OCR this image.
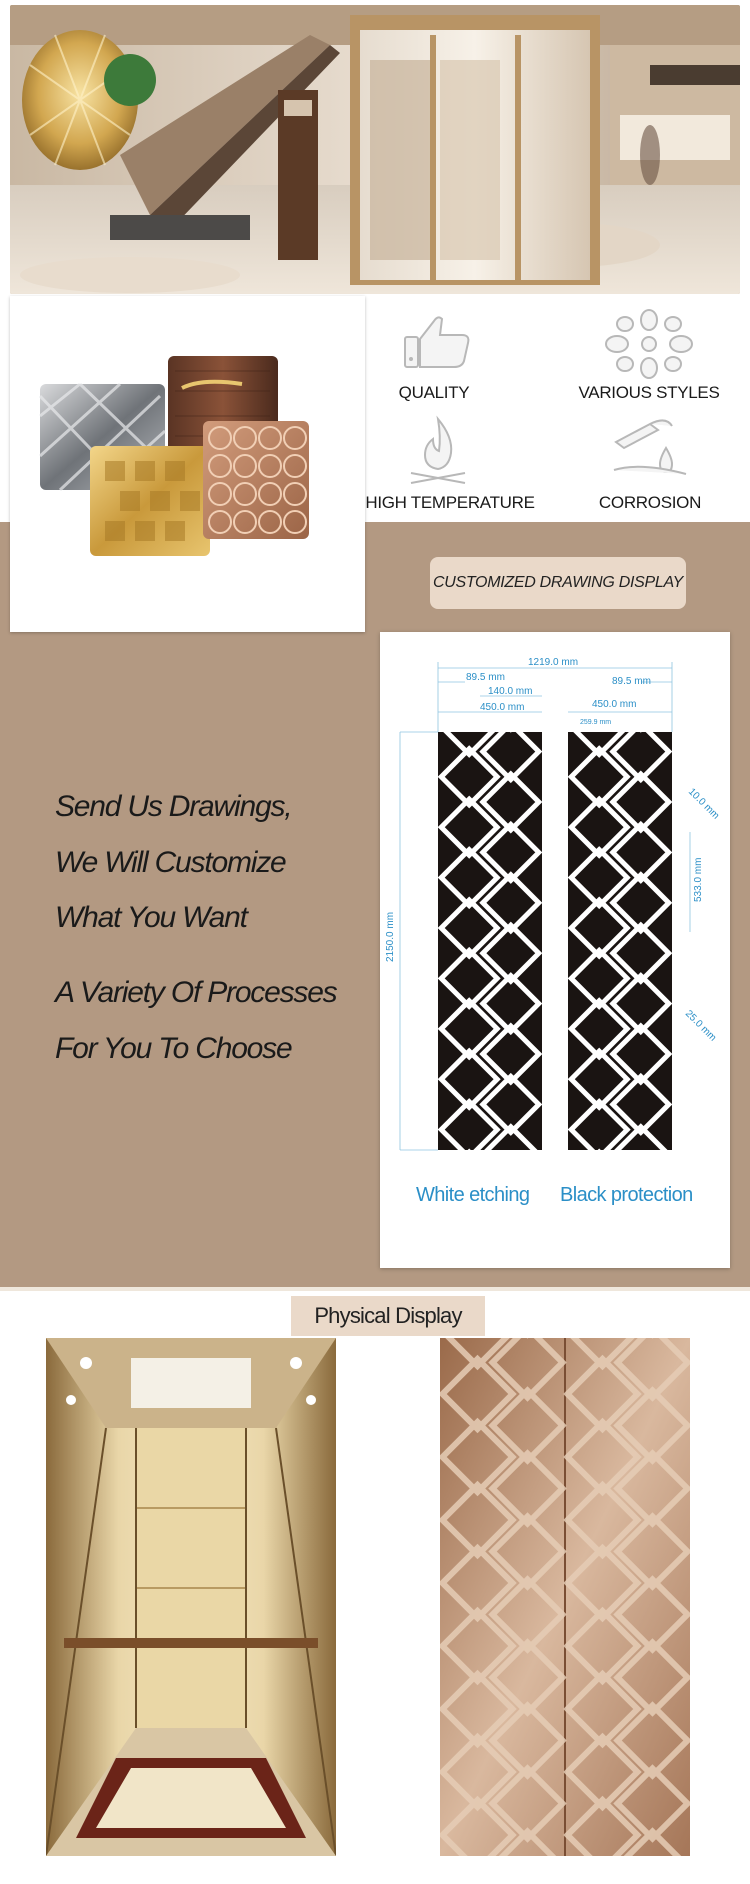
QUALITY	VARIOUS STYLES
HIGH TEMPERATURE	CORROSION
CUSTOMIZED DRAWING DISPLAY
Send Us Drawings,
We Will Customize
What You Want
A Variety Of Processes
For You To Choose
1219.0 mm
89.5 mm	89.5 mm
140.0 mm
450.0 mm	450.0 mm
259.9 mm
2150.0 mm
10.0 mm
533.0 mm
25.0 mm
White etching Black protection
Physical Display
